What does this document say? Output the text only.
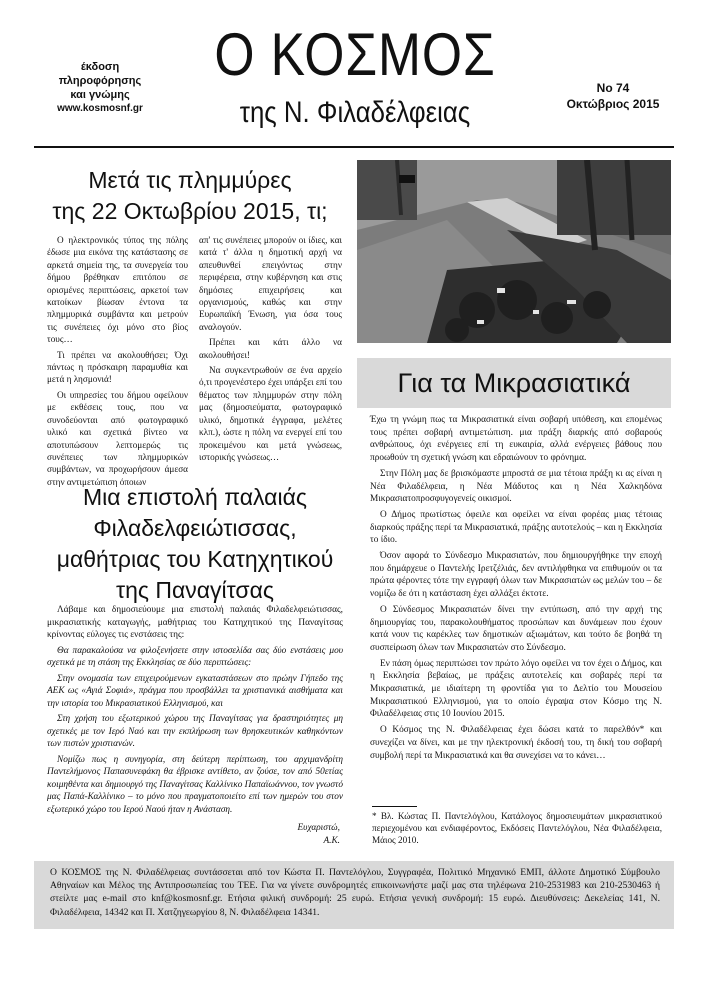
έκδοση
πληροφόρησης
και γνώμης
www.kosmosnf.gr
Ο ΚΟΣΜΟΣ
της Ν. Φιλαδέλφειας
Νο 74
Οκτώβριος 2015
Μετά τις πλημμύρες
της 22 Οκτωβρίου 2015, τι;

Ο ηλεκτρονικός τύπος της πόλης έδωσε μια εικόνα της κατάστασης σε αρκετά σημεία της, τα συνεργεία του δήμου βρέθηκαν επιτόπου σε ορισμένες περιπτώσεις, αρκετοί των κατοίκων βίωσαν έντονα τα πλημμυρικά συμβάντα και μετρούν τις συνέπειες όχι μόνο στο βίος τους…

Τι πρέπει να ακολουθήσει; Όχι πάντως η πρόσκαιρη παραμυθία και μετά η λησμονιά!

Οι υπηρεσίες του δήμου οφείλουν με εκθέσεις τους, που να συνοδεύονται από φωτογραφικό υλικό και σχετικά βίντεο να αποτυπώσουν λεπτομερώς τις συνέπειες των πλημμυρικών συμβάντων, να προχωρήσουν άμεσα στην αντιμετώπιση όποιων

απ' τις συνέπειες μπορούν οι ίδιες, και κατά τ' άλλα η δημοτική αρχή να απευθυνθεί επειγόντως στην περιφέρεια, στην κυβέρνηση και στις δημόσιες επιχειρήσεις και οργανισμούς, καθώς και στην Ευρωπαϊκή Ένωση, για όσα τους αναλογούν.

Πρέπει και κάτι άλλο να ακολουθήσει!

Να συγκεντρωθούν σε ένα αρχείο ό,τι προγενέστερο έχει υπάρξει επί του θέματος των πλημμυρών στην πόλη μας (δημοσιεύματα, φωτογραφικό υλικό, δημοτικά έγγραφα, μελέτες κλπ.), ώστε η πόλη να ενεργεί επί του προκειμένου και μετά γνώσεως, ιστορικής γνώσεως…

Για τα Μικρασιατικά

Έχω τη γνώμη πως τα Μικρασιατικά είναι σοβαρή υπόθεση, και επομένως τους πρέπει σοβαρή αντιμετώπιση. μια πράξη διαρκής από σοβαρούς ανθρώπους, όχι ενέργειες επί τη ευκαιρία, αλλά ενέργειες βάθους που προωθούν τη σχετική γνώση και εδραιώνουν το φρόνημα.

Στην Πόλη μας δε βρισκόμαστε μπροστά σε μια τέτοια πράξη κι ας είναι η Νέα Φιλαδέλφεια, η Νέα Μάδυτος και η Νέα Χαλκηδόνα Μικρασιατοπροσφυγογενείς οικισμοί.

Ο Δήμος πρωτίστως όφειλε και οφείλει να είναι φορέας μιας τέτοιας διαρκούς πράξης περί τα Μικρασιατικά, πράξης αυτοτελούς – και η Εκκλησία το ίδιο.

Όσον αφορά το Σύνδεσμο Μικρασιατών, που δημιουργήθηκε την εποχή που δημάρχευε ο Παντελής Ιρετζέλιάς, δεν αντιλήφθηκα να επιθυμούν οι τα πρώτα φέροντες τότε την εγγραφή όλων των Μικρασιατών ως μελών του – δε νομίζω δε ότι η κατάσταση έχει αλλάξει έκτοτε.

Ο Σύνδεσμος Μικρασιατών δίνει την εντύπωση, από την αρχή της δημιουργίας του, παρακολουθήματος προσώπων και δυνάμεων που έχουν κατά νουν τις καρέκλες των δημοτικών αξιωμάτων, και τούτο δε βοηθά τη συσπείρωση όλων των Μικρασιατών στο Σύνδεσμο.

Εν πάση όμως περιπτώσει τον πρώτο λόγο οφείλει να τον έχει ο Δήμος, και η Εκκλησία βεβαίως, με πράξεις αυτοτελείς και σοβαρές περί τα Μικρασιατικά, με ιδιαίτερη τη φροντίδα για το Δελτίο του Μουσείου Μικρασιατικού Ελληνισμού, για το οποίο έγραψα στον Κόσμο της Ν. Φιλαδέλφειας στις 10 Ιουνίου 2015.

Ο Κόσμος της Ν. Φιλαδέλφειας έχει δώσει κατά το παρελθόν* και συνεχίζει να δίνει, και με την ηλεκτρονική έκδοσή του, τη δική του σοβαρή συμβολή περί τα Μικρασιατικά και θα συνεχίσει να το κάνει…

* Βλ. Κώστας Π. Παντελόγλου, Κατάλογος δημοσιευμάτων μικρασιατικού περιεχομένου και ενδιαφέροντος, Εκδόσεις Παντελόγλου, Νέα Φιλαδέλφεια, Μάιος 2010.
Μια επιστολή παλαιάς
Φιλαδελφειώτισσας,
μαθήτριας του Κατηχητικού
της Παναγίτσας

Λάβαμε και δημοσιεύουμε μια επιστολή παλαιάς Φιλαδελφειώτισσας, μικρασιατικής καταγωγής, μαθήτριας του Κατηχητικού της Παναγίτσας κρίνοντας εύλογες τις ενστάσεις της:

Θα παρακαλούσα να φιλοξενήσετε στην ιστοσελίδα σας δύο ενστάσεις μου σχετικά με τη στάση της Εκκλησίας σε δύο περιπτώσεις:

Στην ονομασία των επιχειρούμενων εγκαταστάσεων στο πρώην Γήπεδο της ΑΕΚ ως «Αγιά Σοφιά», πράγμα που προσβάλλει τα χριστιανικά αισθήματα και την ιστορία του Μικρασιατικού Ελληνισμού, και

Στη χρήση του εξωτερικού χώρου της Παναγίτσας για δραστηριότητες μη σχετικές με τον Ιερό Ναό και την εκπλήρωση των θρησκευτικών καθηκόντων των πιστών χριστιανών.

Νομίζω πως η συνηγορία, στη δεύτερη περίπτωση, του αρχιμανδρίτη Παντελήμονος Παπασυνεφάκη θα έβρισκε αντίθετο, αν ζούσε, τον από 50ετίας κοιμηθέντα και δημιουργό της Παναγίτσας Καλλίνικο Παπαϊωάννου, τον γνωστό μας Παπά-Καλλίνικο – το μόνο που πραγματοποιείτο επί των ημερών του στον εξωτερικό χώρο του Ιερού Ναού ήταν η Ανάσταση.

Ευχαριστώ,
Α.Κ.
Ο ΚΟΣΜΟΣ της Ν. Φιλαδέλφειας συντάσσεται από τον Κώστα Π. Παντελόγλου, Συγγραφέα, Πολιτικό Μηχανικό ΕΜΠ, άλλοτε Δημοτικό Σύμβουλο Αθηναίων και Μέλος της Αντιπροσωπείας του ΤΕΕ. Για να γίνετε συνδρομητές επικοινωνήστε μαζί μας στα τηλέφωνα 210-2531983 και 210-2530463 ή στείλτε μας e-mail στο knf@kosmosnf.gr. Ετήσια φιλική συνδρομή: 25 ευρώ. Ετήσια γενική συνδρομή: 15 ευρώ. Διευθύνσεις: Δεκελείας 141, Ν. Φιλαδέλφεια, 14342 και Π. Χατζηγεωργίου 8, Ν. Φιλαδέλφεια 14341.
